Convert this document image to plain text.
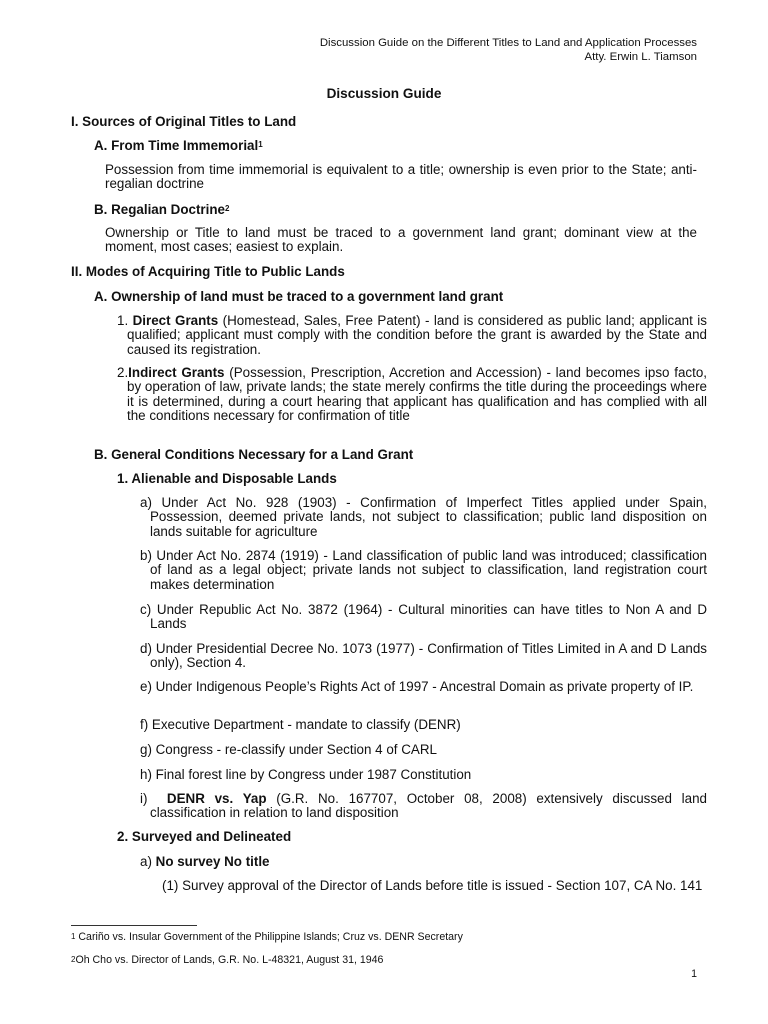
Discussion Guide on the Different Titles to Land and Application Processes
Atty. Erwin L. Tiamson
Discussion Guide
I. Sources of Original Titles to Land
A. From Time Immemorial$^1$
Possession from time immemorial is equivalent to a title; ownership is even prior to the State; anti-regalian doctrine
B. Regalian Doctrine$^2$
Ownership or Title to land must be traced to a government land grant; dominant view at the moment, most cases; easiest to explain.
II. Modes of Acquiring Title to Public Lands
A. Ownership of land must be traced to a government land grant
1. Direct Grants (Homestead, Sales, Free Patent) - land is considered as public land; applicant is qualified; applicant must comply with the condition before the grant is awarded by the State and caused its registration.
2.Indirect Grants (Possession, Prescription, Accretion and Accession) - land becomes ipso facto, by operation of law, private lands; the state merely confirms the title during the proceedings where it is determined, during a court hearing that applicant has qualification and has complied with all the conditions necessary for confirmation of title
B. General Conditions Necessary for a Land Grant
1. Alienable and Disposable Lands
a) Under Act No. 928 (1903) - Confirmation of Imperfect Titles applied under Spain, Possession, deemed private lands, not subject to classification; public land disposition on lands suitable for agriculture
b) Under Act No. 2874 (1919) - Land classification of public land was introduced; classification of land as a legal object; private lands not subject to classification, land registration court makes determination
c) Under Republic Act No. 3872 (1964) - Cultural minorities can have titles to Non A and D Lands
d) Under Presidential Decree No. 1073 (1977) - Confirmation of Titles Limited in A and D Lands only), Section 4.
e) Under Indigenous People’s Rights Act of 1997 - Ancestral Domain as private property of IP.
f) Executive Department - mandate to classify (DENR)
g) Congress - re-classify under Section 4 of CARL
h) Final forest line by Congress under 1987 Constitution
i) DENR vs. Yap (G.R. No. 167707, October 08, 2008) extensively discussed land classification in relation to land disposition
2. Surveyed and Delineated
a) No survey No title
(1) Survey approval of the Director of Lands before title is issued - Section 107, CA No. 141
$^1$ Cariño vs. Insular Government of the Philippine Islands; Cruz vs. DENR Secretary
$^2$Oh Cho vs. Director of Lands, G.R. No. L-48321, August 31, 1946
1
